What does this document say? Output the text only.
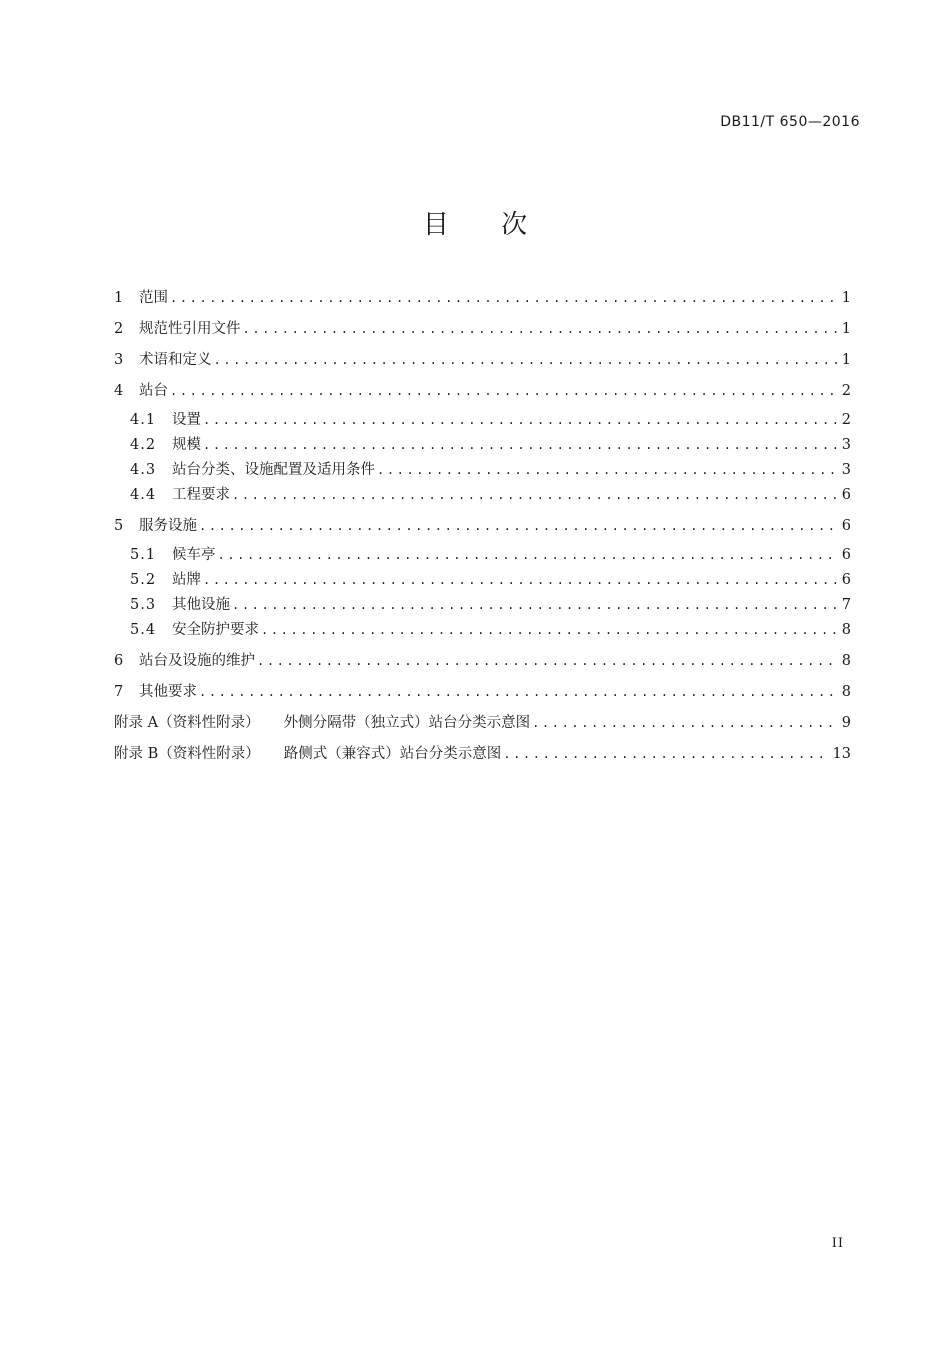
DB11/T 650—2016
目 次
1	范围 .....	1
2	规范性引用文件 .....	1
3	术语和定义 .....	1
4	站台 .....	2
4.1	设置 .....	2
4.2	规模 .....	3
4.3	站台分类、设施配置及适用条件 .....	3
4.4	工程要求 .....	6
5	服务设施 .....	6
5.1	候车亭 .....	6
5.2	站牌 .....	6
5.3	其他设施 .....	7
5.4	安全防护要求 .....	8
6	站台及设施的维护 .....	8
7	其他要求 .....	8
附录 A（资料性附录）	外侧分隔带（独立式）站台分类示意图 .....	9
附录 B（资料性附录）	路侧式（兼容式）站台分类示意图 .....	13
II
